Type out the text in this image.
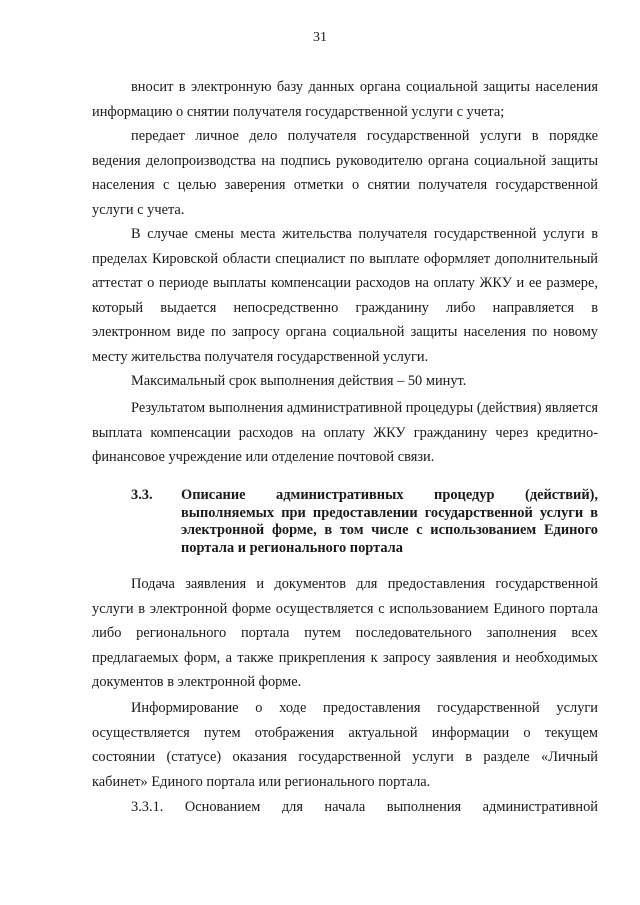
31

вносит в электронную базу данных органа социальной защиты населения информацию о снятии получателя государственной услуги с учета;

передает личное дело получателя государственной услуги в порядке ведения делопроизводства на подпись руководителю органа социальной защиты населения с целью заверения отметки о снятии получателя государственной услуги с учета.

В случае смены места жительства получателя государственной услуги в пределах Кировской области специалист по выплате оформляет дополнительный аттестат о периоде выплаты компенсации расходов на оплату ЖКУ и ее размере, который выдается непосредственно гражданину либо направляется в электронном виде по запросу органа социальной защиты населения по новому месту жительства получателя государственной услуги.

Максимальный срок выполнения действия – 50 минут.

Результатом выполнения административной процедуры (действия) является выплата компенсации расходов на оплату ЖКУ гражданину через кредитно-финансовое учреждение или отделение почтовой связи.

3.3. Описание административных процедур (действий), выполняемых при предоставлении государственной услуги в электронной форме, в том числе с использованием Единого портала и регионального портала

Подача заявления и документов для предоставления государственной услуги в электронной форме осуществляется с использованием Единого портала либо регионального портала путем последовательного заполнения всех предлагаемых форм, а также прикрепления к запросу заявления и необходимых документов в электронной форме.

Информирование о ходе предоставления государственной услуги осуществляется путем отображения актуальной информации о текущем состоянии (статусе) оказания государственной услуги в разделе «Личный кабинет» Единого портала или регионального портала.

3.3.1. Основанием для начала выполнения административной
